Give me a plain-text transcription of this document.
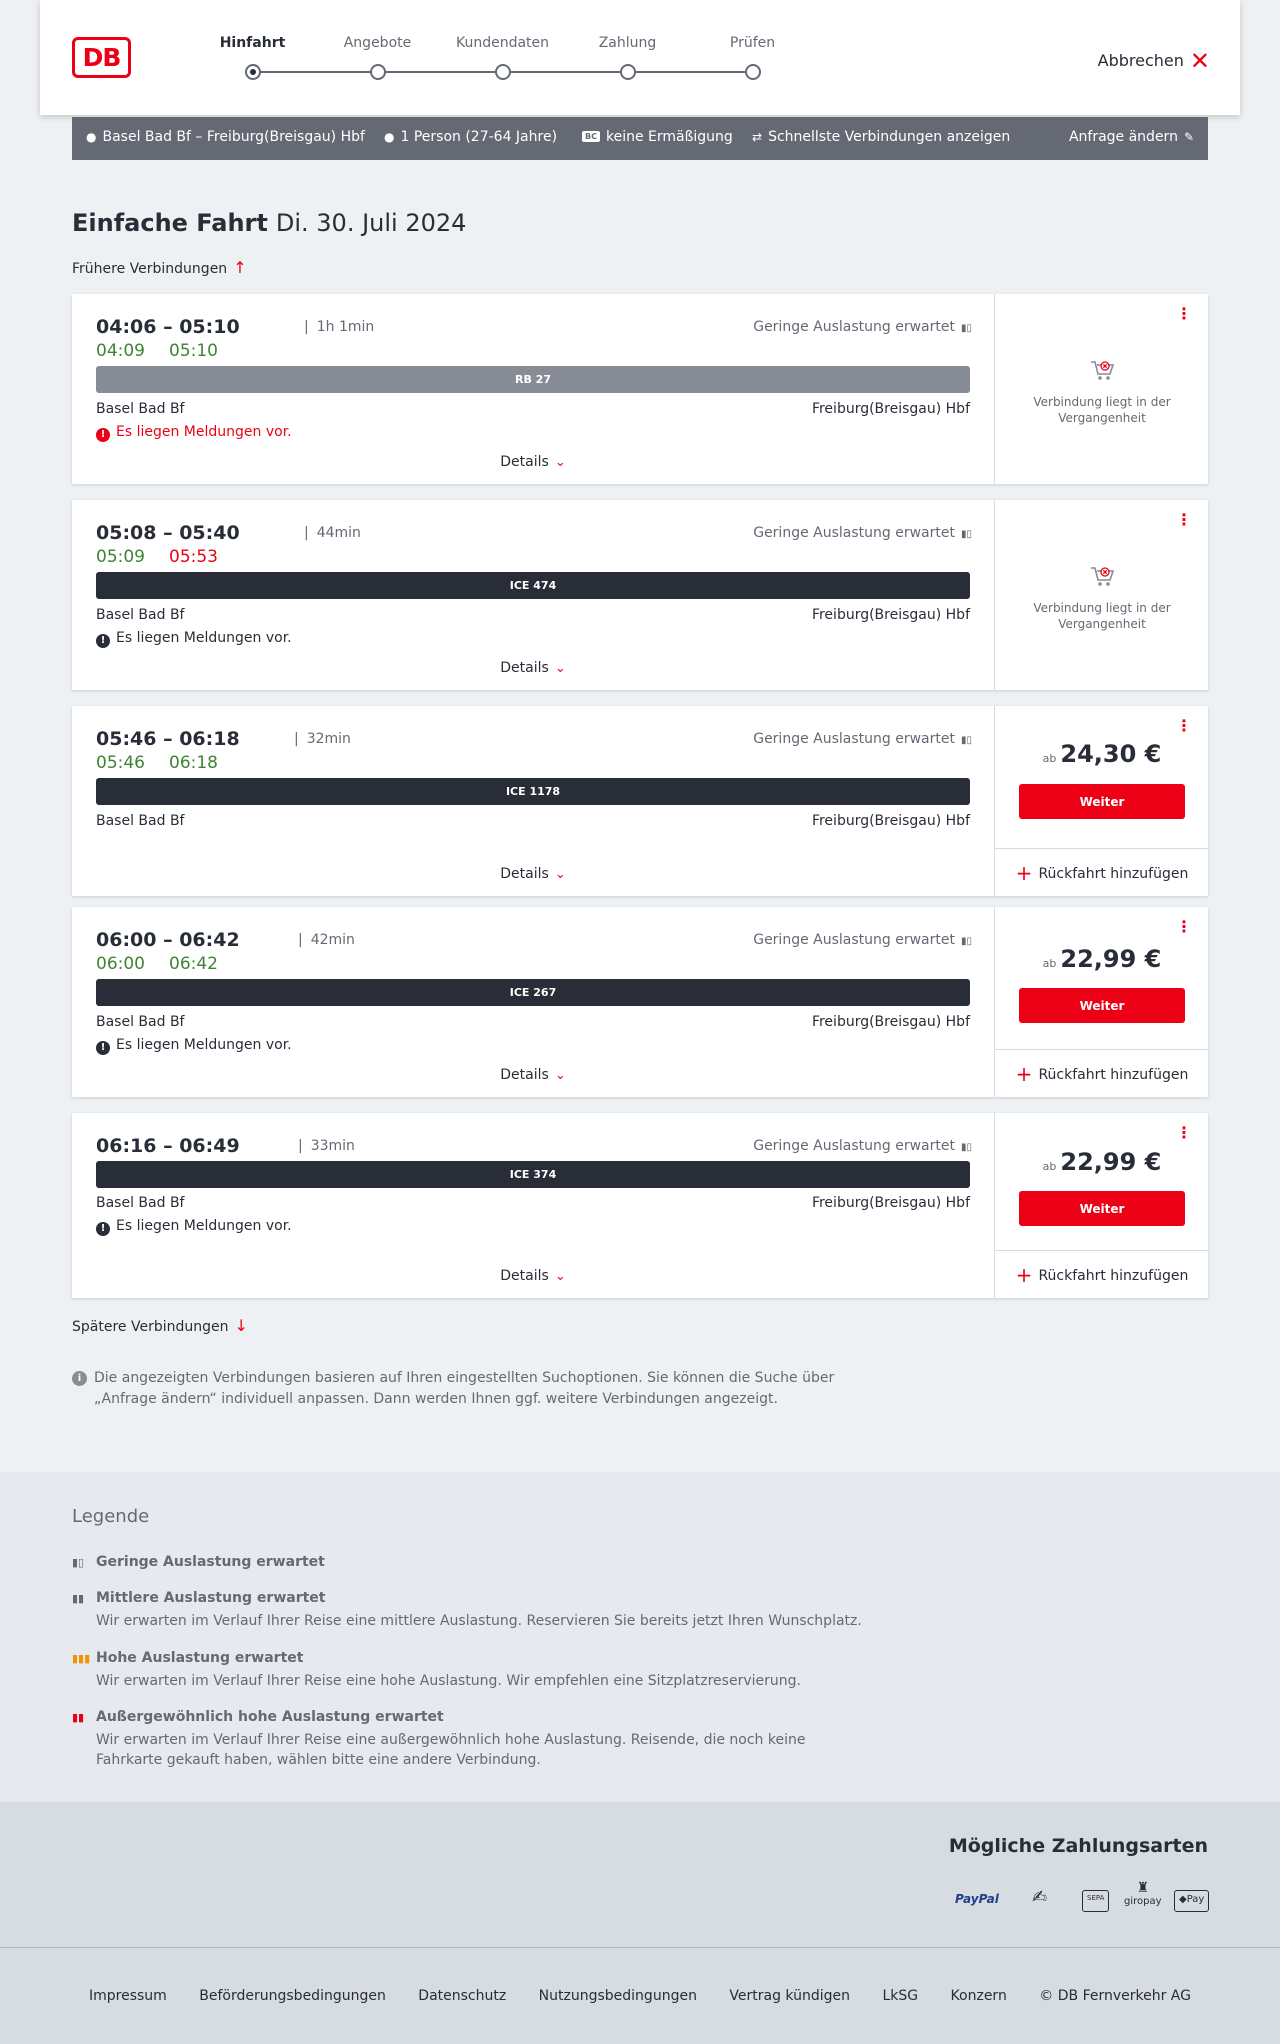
DB	Hinfahrt	Angebote	Kundendaten	Zahlung	Prüfen
Abbrechen ✕
● Basel Bad Bf – Freiburg(Breisgau) Hbf ● 1 Person (27-64 Jahre)	BC keine Ermäßigung ⇄ Schnellste Verbindungen anzeigen	Anfrage ändern ✎
Einfache Fahrt Di. 30. Juli 2024
Frühere Verbindungen ↑
04:06 – 05:10	| 1h 1min	Geringe Auslastung erwartet ▮▯
04:09 05:10
RB 27
Basel Bad Bf	Freiburg(Breisgau) Hbf
! Es liegen Meldungen vor.
Details ⌄
⋮
Verbindung liegt in der Vergangenheit
05:08 – 05:40	| 44min	Geringe Auslastung erwartet ▮▯
05:09 05:53
ICE 474
Basel Bad Bf	Freiburg(Breisgau) Hbf
! Es liegen Meldungen vor.
Details ⌄
⋮
Verbindung liegt in der Vergangenheit
05:46 – 06:18	| 32min	Geringe Auslastung erwartet ▮▯
05:46 06:18
ICE 1178
Basel Bad Bf	Freiburg(Breisgau) Hbf
Details ⌄
⋮
ab 24,30 €
Weiter
+ Rückfahrt hinzufügen
06:00 – 06:42	| 42min	Geringe Auslastung erwartet ▮▯
06:00 06:42
ICE 267
Basel Bad Bf	Freiburg(Breisgau) Hbf
! Es liegen Meldungen vor.
Details ⌄
⋮
ab 22,99 €
Weiter
+ Rückfahrt hinzufügen
06:16 – 06:49	| 33min	Geringe Auslastung erwartet ▮▯
ICE 374
Basel Bad Bf	Freiburg(Breisgau) Hbf
! Es liegen Meldungen vor.
Details ⌄
⋮
ab 22,99 €
Weiter
+ Rückfahrt hinzufügen
Spätere Verbindungen ↓
i Die angezeigten Verbindungen basieren auf Ihren eingestellten Suchoptionen. Sie können die Suche über „Anfrage ändern“ individuell anpassen. Dann werden Ihnen ggf. weitere Verbindungen angezeigt.
Legende
▮▯ Geringe Auslastung erwartet
▮▮ Mittlere Auslastung erwartet
Wir erwarten im Verlauf Ihrer Reise eine mittlere Auslastung. Reservieren Sie bereits jetzt Ihren Wunschplatz.
▮▮▮ Hohe Auslastung erwartet
Wir erwarten im Verlauf Ihrer Reise eine hohe Auslastung. Wir empfehlen eine Sitzplatzreservierung.
▮▮ Außergewöhnlich hohe Auslastung erwartet
Wir erwarten im Verlauf Ihrer Reise eine außergewöhnlich hohe Auslastung. Reisende, die noch keine Fahrkarte gekauft haben, wählen bitte eine andere Verbindung.
Mögliche Zahlungsarten
PayPal ✍	SEPA
♜
giropay	◆Pay
Impressum Beförderungsbedingungen Datenschutz Nutzungsbedingungen Vertrag kündigen LkSG Konzern © DB Fernverkehr AG
